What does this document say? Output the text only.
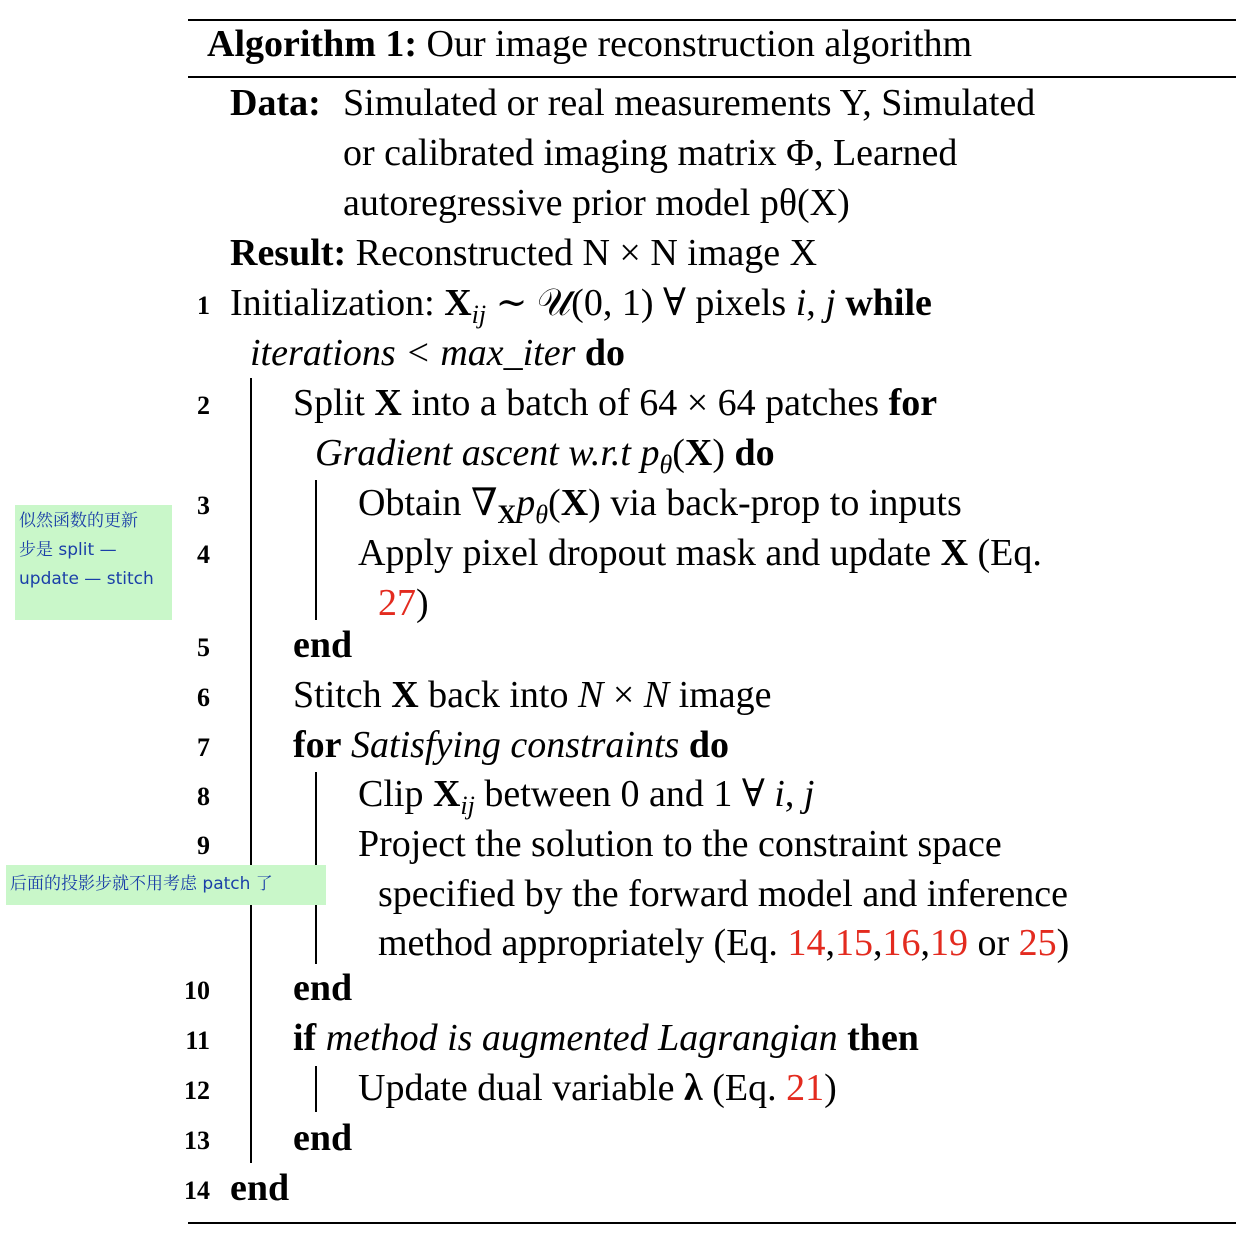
Algorithm 1: Our image reconstruction algorithm
Data: Simulated or real measurements Y, Simulated
or calibrated imaging matrix Φ, Learned
autoregressive prior model pθ(X)
Result: Reconstructed N × N image X
1
2
3
4
5
6
7
8
9
10
11
12
13
14
Initialization: $X_{ij}$ ∼ 𝒰(0, 1) ∀ pixels i, j while
iterations < max_iter do
Split X into a batch of 64 × 64 patches for
Gradient ascent w.r.t $p_\theta(X)$ do
Obtain $\nabla_Xp_\theta(X)$ via back-prop to inputs
Apply pixel dropout mask and update X (Eq.
27)
end
Stitch X back into N × N image
for Satisfying constraints do
Clip $X_{ij}$ between 0 and 1 ∀ i, j
Project the solution to the constraint space
specified by the forward model and inference
method appropriately (Eq. 14,15,16,19 or 25)
end
if method is augmented Lagrangian then
Update dual variable λ (Eq. 21)
end
end
似然函数的更新
步是 split —
update — stitch
后面的投影步就不用考虑 patch 了
